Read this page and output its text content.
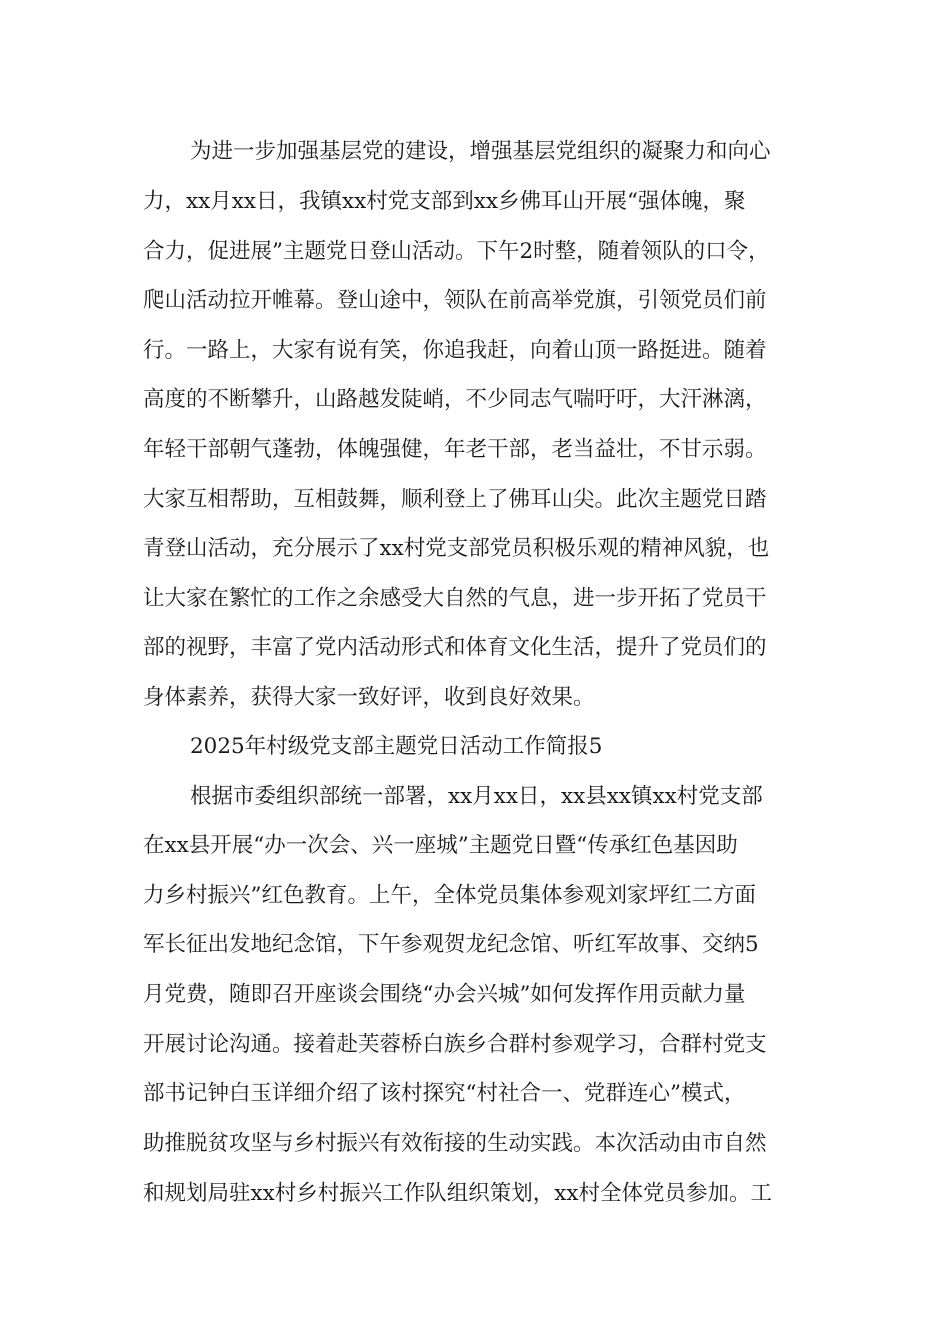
为进一步加强基层党的建设，增强基层党组织的凝聚力和向心
力，xx月xx日，我镇xx村党支部到xx乡佛耳山开展“强体魄，聚
合力，促进展”主题党日登山活动。下午2时整，随着领队的口令，
爬山活动拉开帷幕。登山途中，领队在前高举党旗，引领党员们前
行。一路上，大家有说有笑，你追我赶，向着山顶一路挺进。随着
高度的不断攀升，山路越发陡峭，不少同志气喘吁吁，大汗淋漓，
年轻干部朝气蓬勃，体魄强健，年老干部，老当益壮，不甘示弱。
大家互相帮助，互相鼓舞，顺利登上了佛耳山尖。此次主题党日踏
青登山活动，充分展示了xx村党支部党员积极乐观的精神风貌，也
让大家在繁忙的工作之余感受大自然的气息，进一步开拓了党员干
部的视野，丰富了党内活动形式和体育文化生活，提升了党员们的
身体素养，获得大家一致好评，收到良好效果。
2025年村级党支部主题党日活动工作简报5
根据市委组织部统一部署，xx月xx日，xx县xx镇xx村党支部
在xx县开展“办一次会、兴一座城”主题党日暨“传承红色基因助
力乡村振兴”红色教育。上午，全体党员集体参观刘家坪红二方面
军长征出发地纪念馆，下午参观贺龙纪念馆、听红军故事、交纳5
月党费，随即召开座谈会围绕“办会兴城”如何发挥作用贡献力量
开展讨论沟通。接着赴芙蓉桥白族乡合群村参观学习，合群村党支
部书记钟白玉详细介绍了该村探究“村社合一、党群连心”模式，
助推脱贫攻坚与乡村振兴有效衔接的生动实践。本次活动由市自然
和规划局驻xx村乡村振兴工作队组织策划，xx村全体党员参加。工
